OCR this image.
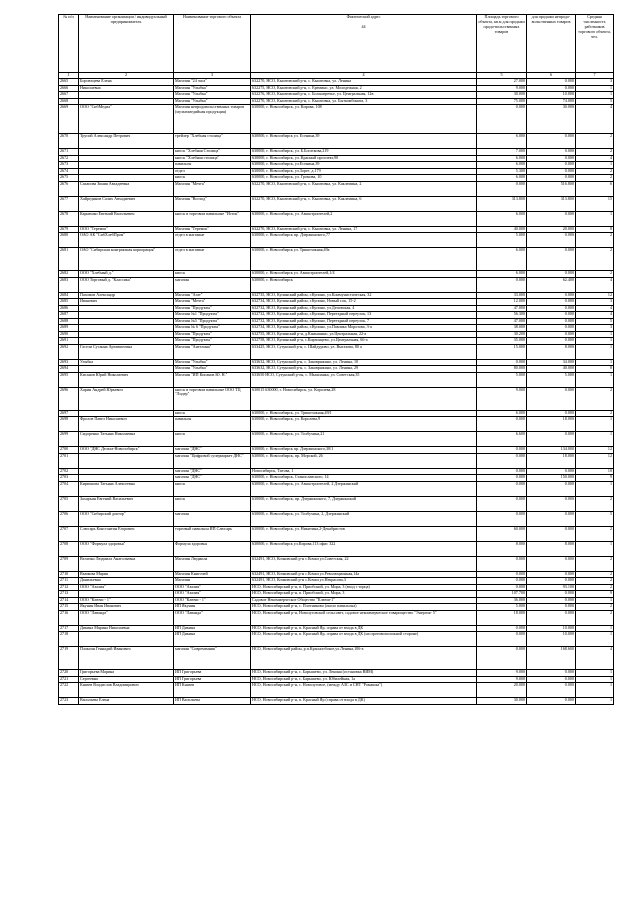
№ п/п	Наименование организации / индивидуальный предприниматель	Наименование торгового объекта	Фактический адрес

44	Площадь торгового объекта, кв.м для продажи продо-вольственных товаров	для продажи непродо-вольственных товаров	Средняя численность работников торгового объекта, чел.
1	2	3	4	5	6	7
2665	Бороющева Елена	Магазин "24 часа"	632270, НСО, Кыштовский р-н, с. Кыштовка, ул. Ленина	27.000	0.000	3
2666	Николаевна	Магазин "Улыбка"	632275, НСО, Кыштовский р-н, с. Еремино, ул. Молодежная, 2	9.000	0.000	1
2667		Магазин "Улыбка"	632276, НСО, Кыштовский р-н, с. Большеречье, ул. Центральная, 12в	30.000	10.000	1
2668		Магазин "Улыбка"	632270, НСО, Кыштовский р-н, с. Кыштовка, ул. Быткомбината, 3	75.000	74.000	5
2669	ООО "СибМедиа"	Магазин непродовольственных товаров (мультимедийная продукция)	630000, г. Новосибирск, ул. Кирова, 108	0.000	30.000	4
2670	Трусий Александр Петрович	трейлер "Хлебная столица"	630000, г. Новосибирск ул. Есенина,39	6.000	0.000	2
2671		киоск "Хлебная Столица"	630000, г. Новосибирск, ул. Б.Богаткова,219	7.000	0.000	2
2672		киоск "Хлебная столица"	630000, г. Новосибирск, ул. Красный проспект,90	6.000	0.000	4
2673		павильон	630000, г. Новосибирск, ул.Есенина,39	6.000	0.000	1
2674		отдел	630000, г. Новосибирск, ул.Зорге, д.179	5.300	0.000	2
2675		киоск	630000, г. Новосибирск, ул. Громова, 10	6.000	0.000	2
2676	Сахапова Зиния Авхадеевна	Магазин "Мечта"	632270, НСО, Кыштовский р-н, с. Кыштовка, ул. Каклемина, 2	0.000	516.800	6
2677	Хайрединов Салих Авхадиевич	Магазин "Восход"	632270, НСО, Кыштовский р-н, с. Кыштовка, ул. Каклемина, 6	313.800	313.800	15
2678	Карнешко Евгений Васильевич	киоск в торговом павильоне "Исток"	630000, г. Новосибирск, ул. Авиастроителей,2	6.000	0.000	1
2679	ООО "Теремок"	Магазин "Теремок"	632270, НСО, Кыштовский р-н, с. Кыштовка, ул. Ленина, 17	40.000	20.000	8
2680	ОАО АК "СибХлебПром"	отдел в магазине	630000, г. Новосибирск пр. Дзержинского,77	5.000	0.000	2
2681	ОАО "Сибирская контрактная корпорация"	отдел в магазине	630000, г. Новосибирск ул. Трикотажная,49а	6.000	0.000	2
2682	ООО "Хлебный д."	киоск	630000, г. Новосибирск ул. Авиастроителей,1/4	6.000	0.000	2
2683	ООО Торговый д. "Классика"	магазин	630000, г. Новосибирск	0.000	62.400	4
2684	Пахомов Александр	Магазин "Агат"	632735, НСО, Купинский район, г.Купино, ул.Коммунистическая, 32	33.000	0.000	12
2685	Иванович	Магазин "Мечта"	632734, НСО, Купинский район, г.Купино, Новый г.ок, 15-2	12.000	0.000	3
2686		Магазин "Продукты"	632732, НСО, Купинский район, г.Купино, ул.Деповская, 4	47.000	0.000	4
2687		Магазин №1 "Продукты"	632732, НСО, Купинский район, г.Купино, Переездный переулок, 13	56.300	0.000	4
2688		Магазин №5 "Продукты"	632732, НСО, Купинский район, г.Купино, Переездный переулок, 7	47.000	0.000	5
2689		Магазин № 6 "Продукты"	632734, НСО, Купинский район, г.Купино, ул.Павлика Морозова, 3-а	38.000	0.000	3
2690		Магазин "Продукты"	632755, НСО, Купинский р-н, д.Камышино, ул.Центральная, 22-а	30.200	0.000	1
2691		Магазин "Продукты"	632758, НСО, Купинский р-н, с.Кирзинцево, ул.Центральная, 66-а	35.000	0.000	1
2692	Гасели Сусанна Артавшеовна	Магазин "Антелина"	633425, НСО, Сузунский р-н, с. Шайдурово, ул. Выгазова, 80 а	15.000	8.000	1
2693	Улыбка	Магазин "Улыбка"	633632, НСО, Сузунский р-н, с. Заковряжино, ул. Ленина, 10	0.000	34.000	1
2694		Магазин "Улыбка"	633632, НСО, Сузунский р-н, с. Заковряжино, ул. Ленина, 29	80.000	40.000	8
2695	Кисанов Юрий Николаевич	Магазин "ИП Кисанов Ю. Н."	633650 НСО, Сузунский р-он, с. Мышланка, ул. Советская,35	5.000	5.000	1
2696	Харин Андрей Юрьевич	киоск в торговом павильоне ООО ТЦ "Лидер"	630015 630000, г. Новосибирск, ул. Королева,28	9.000	0.000	2
2697		киоск	630000, г. Новосибирск, ул. Трикотажная,49/1	6.000	0.000	2
2698	Фролов Павел Николаевич	павильон	630000, г. Новосибирск, ул. Королева,9	0.000	18.000	1
2699	Сидоренко Татьяна Николаевна	киоск	630000, г. Новосибирск, ул. Толбухина,21	6.600	0.000	1
2700	ООО "ДНС Дельта-Новосибирск"	магазин "ДНС"	630000, г. Новосибирск пр. Дзержинского,30/1	0.000	134.000	12
2701		магазин "Цифровой супермаркет ДНС"	630000, г. Новосибирск, пр. Морской, 26	0.000	18.000	12
2702		магазин "ДНС"	Новосибирск, Титова, 1	0.000	0.000	10
2703		магазин "ДНС"	630000, г. Новосибирск, Станиславского, 14	0.000	150.000	9
2704	Кирюшова Татьяна Алексеевна	киоск	630000, г. Новосибирск, ул. Авиастроителей, 2 Дзержинский	0.000	0.000	1
2705	Захарьин Евгений Васильевич	киоск	630000, г. Новосибирск, пр. Дзержинского, 7, Дзержинский	0.000	0.000	2
2706	ООО "Сибирский доктор"	магазин	630000, г. Новосибирск, ул. Толбухина, 2, Дзержинский	0.000	0.000	5
2707	Слюсарь Константин Егорович	торговый павильон ИП Слюсарь	630000, г. Новосибирск, ул. Никитина,2-Декабристов	60.000	0.000	2
2708	ООО "Формула здоровья"	Формула здоровья	630000, г. Новосибирск ул.Кирова,113 офис 322	8.000	8.000	1
2709	Величко Людмила Анатольевна	Магазин Людмила	632491, НСО, Кочковский р-н с.Кочки ул.Советская, 22	0.000	0.000	2
2710	Вьюкова Мария	Магазин Книгочей	632491, НСО, Кочковский р-н с.Кочки ул.Революционная,14а	0.000	0.000	2
2711	Данильевна	Магазин	632491, НСО, Кочковский р-н с.Кочки ул.Некрасова,3	0.000	0.000	2
2712	ООО "Азалия"	ООО "Азалия"	НСО, Новосибирский р-н, п. Приобский, ул. Мира, 3 (вход с торца)	0.000	93.100	2
2713		ООО "Азалия"	НСО, Новосибирский р-н, п. Приобский, ул. Мира, 3	107.700	0.000	9
2714	ООО "Ключи - 1"	ООО "Ключи - 1"	Садовое Некоммерческое Общество "Ключи-1"	36.000	0.000	1
2715	Якунин Иван Иванович	ИП Якунин	НСО, Новосибирский р-н, с. Плотниково (около павильона)	5.000	0.000	2
2716	ООО "Лаванда"	ООО "Лаванда"	НСО, Новосибирский р-н, Новолуговской сельсовет, садовое некоммерческое товарищество "Энергия- 5"	18.000	0.000	2
2717	Дикина Марина Николаевна	ИП Дикина	НСО, Новосибирский р-н, п. Красный Яр, справа от входа в ДК	0.000	10.000	1
2718		ИП Дикина	НСО, Новосибирский р-н, п. Красный Яр, справа от входа в ДК (на противоположной стороне)	0.000	10.000	1
2719	Плаксин Геннадий Иванович	магазин "Современник"	НСО, Новосибирский район, р.п.Краснообское,ул.Ленина,106-а	0.000	168.600	4
2720	Григорьева Марина	ИП Григорьева	НСО, Новосибирский р-н, с. Барышево, ул. Ленина (остановка ВИМ)	9.000	0.000	1
2721	Сергеевна	ИП Григорьева	НСО, Новосибирский р-н, с. Барышево, ул. Юбилейная, 1а	9.000	0.000	1
2722	Князев Владислав Владимирович	ИП Князев	НСО, Новосибирский р-н, с. Новолуговое, (между АЗС и СНТ "Ромашка")	20.000	0.000	1
2723	Васильева Елена	ИП Васильева	НСО, Новосибирский р-н, п. Красный Яр (справа от входа в ДК)	30.000	0.000	1
